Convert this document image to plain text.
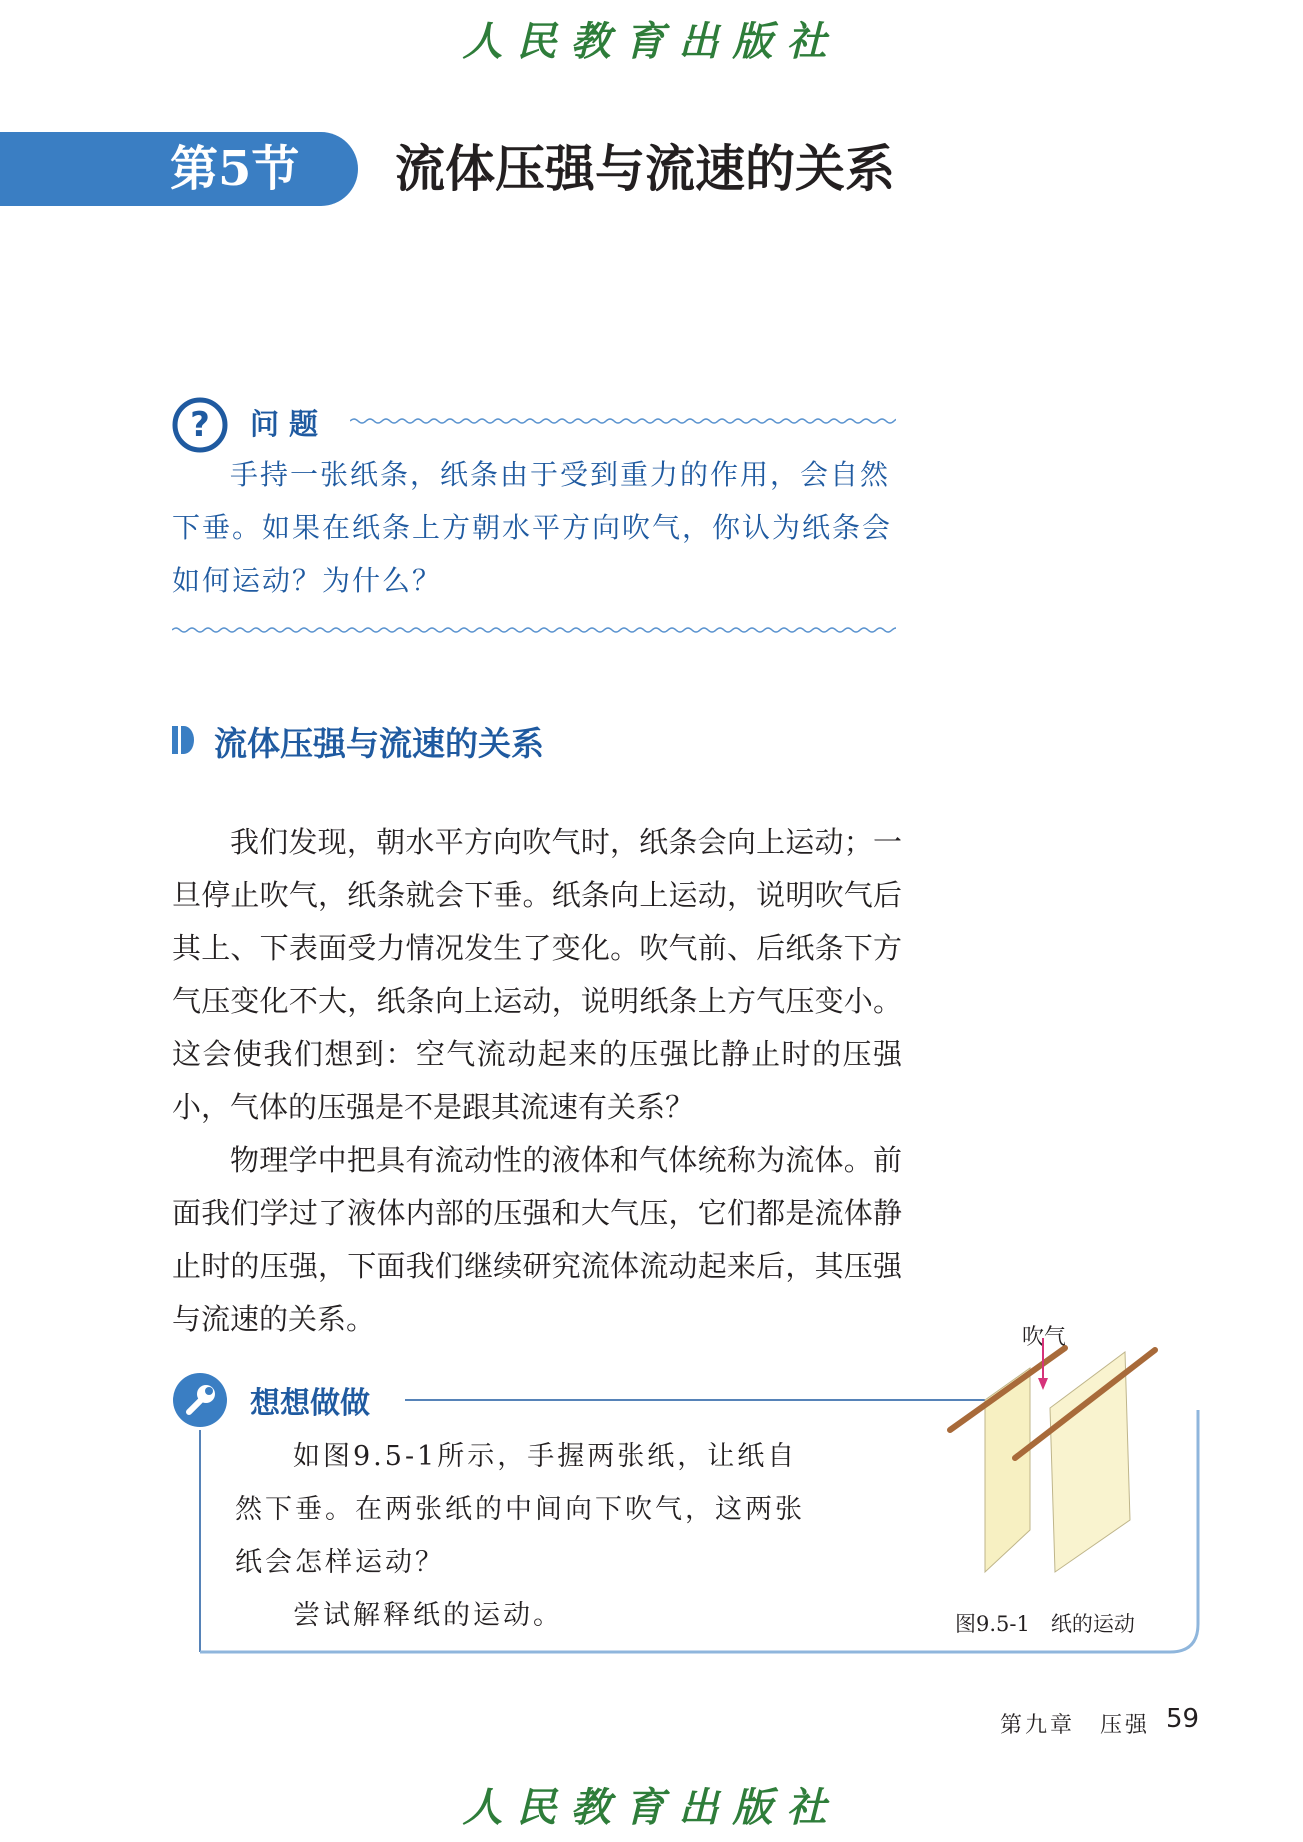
人民教育出版社
第5节 流体压强与流速的关系
? 问题

手持一张纸条，纸条由于受到重力的作用，会自然下垂。如果在纸条上方朝水平方向吹气，你认为纸条会如何运动？为什么？

流体压强与流速的关系

我们发现，朝水平方向吹气时，纸条会向上运动；一旦停止吹气，纸条就会下垂。纸条向上运动，说明吹气后其上、下表面受力情况发生了变化。吹气前、后纸条下方气压变化不大，纸条向上运动，说明纸条上方气压变小。这会使我们想到：空气流动起来的压强比静止时的压强小，气体的压强是不是跟其流速有关系？

物理学中把具有流动性的液体和气体统称为流体。前面我们学过了液体内部的压强和大气压，它们都是流体静止时的压强，下面我们继续研究流体流动起来后，其压强与流速的关系。

想想做做

如图9.5-1所示，手握两张纸，让纸自然下垂。在两张纸的中间向下吹气，这两张纸会怎样运动？

尝试解释纸的运动。

吹气
图9.5-1　纸的运动
第九章　压强 59
人民教育出版社
